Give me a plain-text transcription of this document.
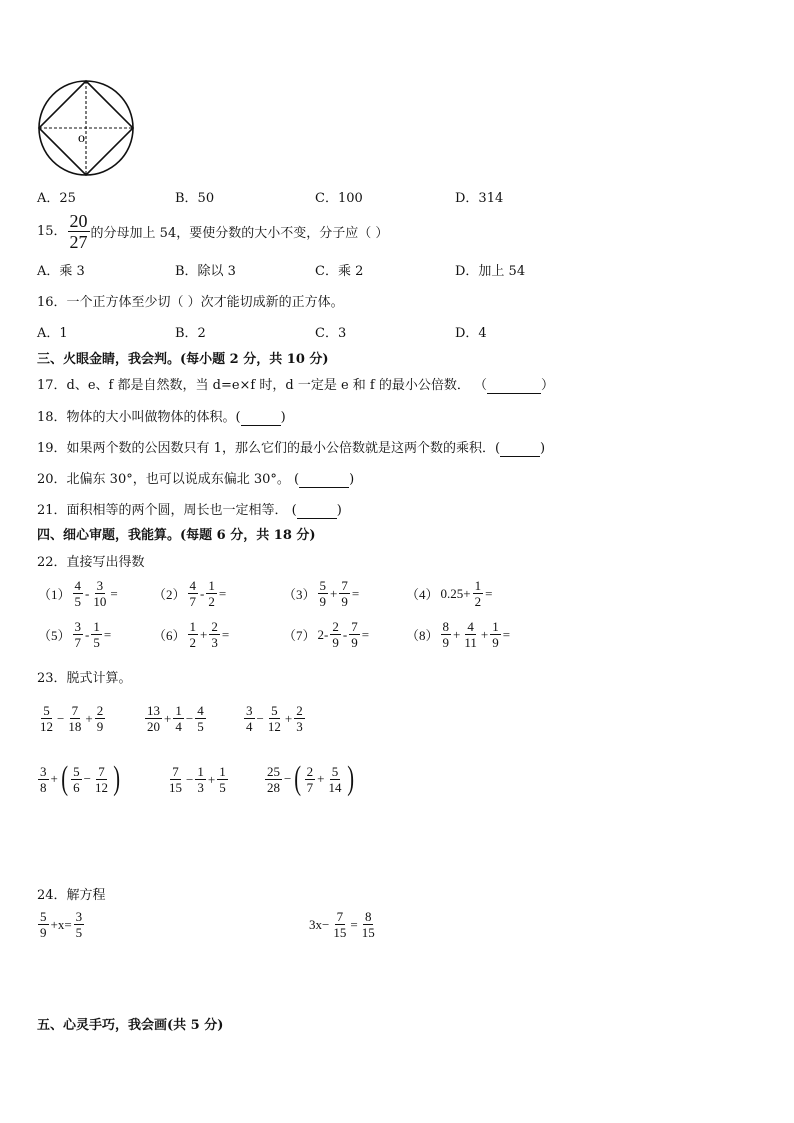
o
A．25	B．50	C．100	D．314
15． $\frac{20}{27}$ 的分母加上 54，要使分数的大小不变，分子应（ ）
A．乘 3	B．除以 3	C．乘 2	D．加上 54
16．一个正方体至少切（ ）次才能切成新的正方体。
A．1	B．2	C．3	D．4
三、火眼金睛，我会判。(每小题 2 分，共 10 分)
17．d、e、f 都是自然数，当 d=e×f 时，d 一定是 e 和 f 的最小公倍数． （	）
18．物体的大小叫做物体的体积。(	)
19．如果两个数的公因数只有 1，那么它们的最小公倍数就是这两个数的乘积．(	)
20．北偏东 30°，也可以说成东偏北 30°。 (	)
21．面积相等的两个圆，周长也一定相等． (	)
四、细心审题，我能算。(每题 6 分，共 18 分)
22．直接写出得数
$(1) \frac{4}{5} - \frac{3}{10}$ =	$(2) \frac{4}{7} - \frac{1}{2}$ =	$(3) \frac{5}{9} + \frac{7}{9}$ =	（4） $0.25+ \frac{1}{2}$ =
$(5) \frac{3}{7} - \frac{1}{5}$ =	$(6) \frac{1}{2} + \frac{2}{3}$ =	（7） $2- \frac{2}{9} - \frac{7}{9}$ =	$(8) \frac{8}{9} + \frac{4}{11} + \frac{1}{9}$ =
23．脱式计算。
$\frac{5}{12} - \frac{7}{18} + \frac{2}{9}$	$\frac{13}{20} + \frac{1}{4} - \frac{4}{5}$	$\frac{3}{4} - \frac{5}{12} + \frac{2}{3}$
$\frac{3}{8}$ +( $\frac{5}{6} - \frac{7}{12}$ )	$\frac{7}{15} - \frac{1}{3} + \frac{1}{5}$	$\frac{25}{28}$ −( $\frac{2}{7} + \frac{5}{14}$ )
24．解方程
$\frac{5}{9} +x= \frac{3}{5}$	$3x- \frac{7}{15} = \frac{8}{15}$
五、心灵手巧，我会画(共 5 分)
